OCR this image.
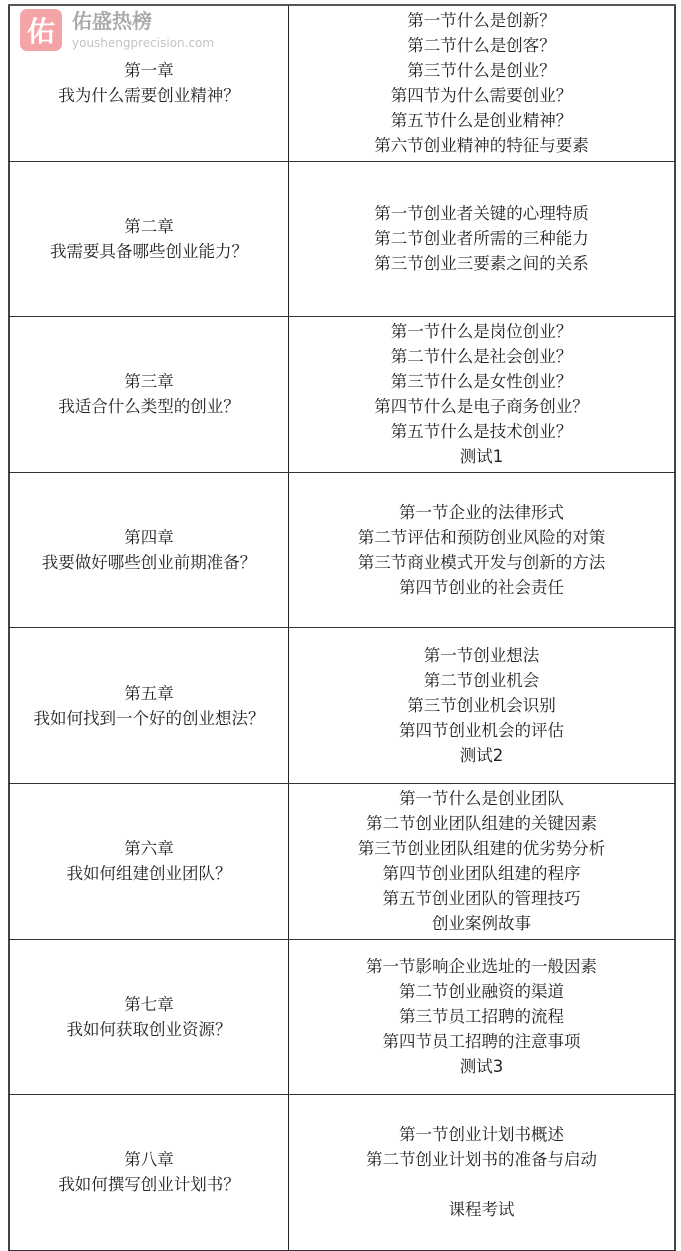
佑 佑盛热榜
youshengprecision.com
第一章
我为什么需要创业精神？
第一节什么是创新？
第二节什么是创客？
第三节什么是创业？
第四节为什么需要创业？
第五节什么是创业精神？
第六节创业精神的特征与要素
第二章
我需要具备哪些创业能力？
第一节创业者关键的心理特质
第二节创业者所需的三种能力
第三节创业三要素之间的关系
第三章
我适合什么类型的创业？
第一节什么是岗位创业？
第二节什么是社会创业？
第三节什么是女性创业？
第四节什么是电子商务创业？
第五节什么是技术创业？
测试1
第四章
我要做好哪些创业前期准备？
第一节企业的法律形式
第二节评估和预防创业风险的对策
第三节商业模式开发与创新的方法
第四节创业的社会责任
第五章
我如何找到一个好的创业想法？
第一节创业想法
第二节创业机会
第三节创业机会识别
第四节创业机会的评估
测试2
第六章
我如何组建创业团队？
第一节什么是创业团队
第二节创业团队组建的关键因素
第三节创业团队组建的优劣势分析
第四节创业团队组建的程序
第五节创业团队的管理技巧
创业案例故事
第七章
我如何获取创业资源？
第一节影响企业选址的一般因素
第二节创业融资的渠道
第三节员工招聘的流程
第四节员工招聘的注意事项
测试3
第八章
我如何撰写创业计划书？
第一节创业计划书概述
第二节创业计划书的准备与启动
课程考试
